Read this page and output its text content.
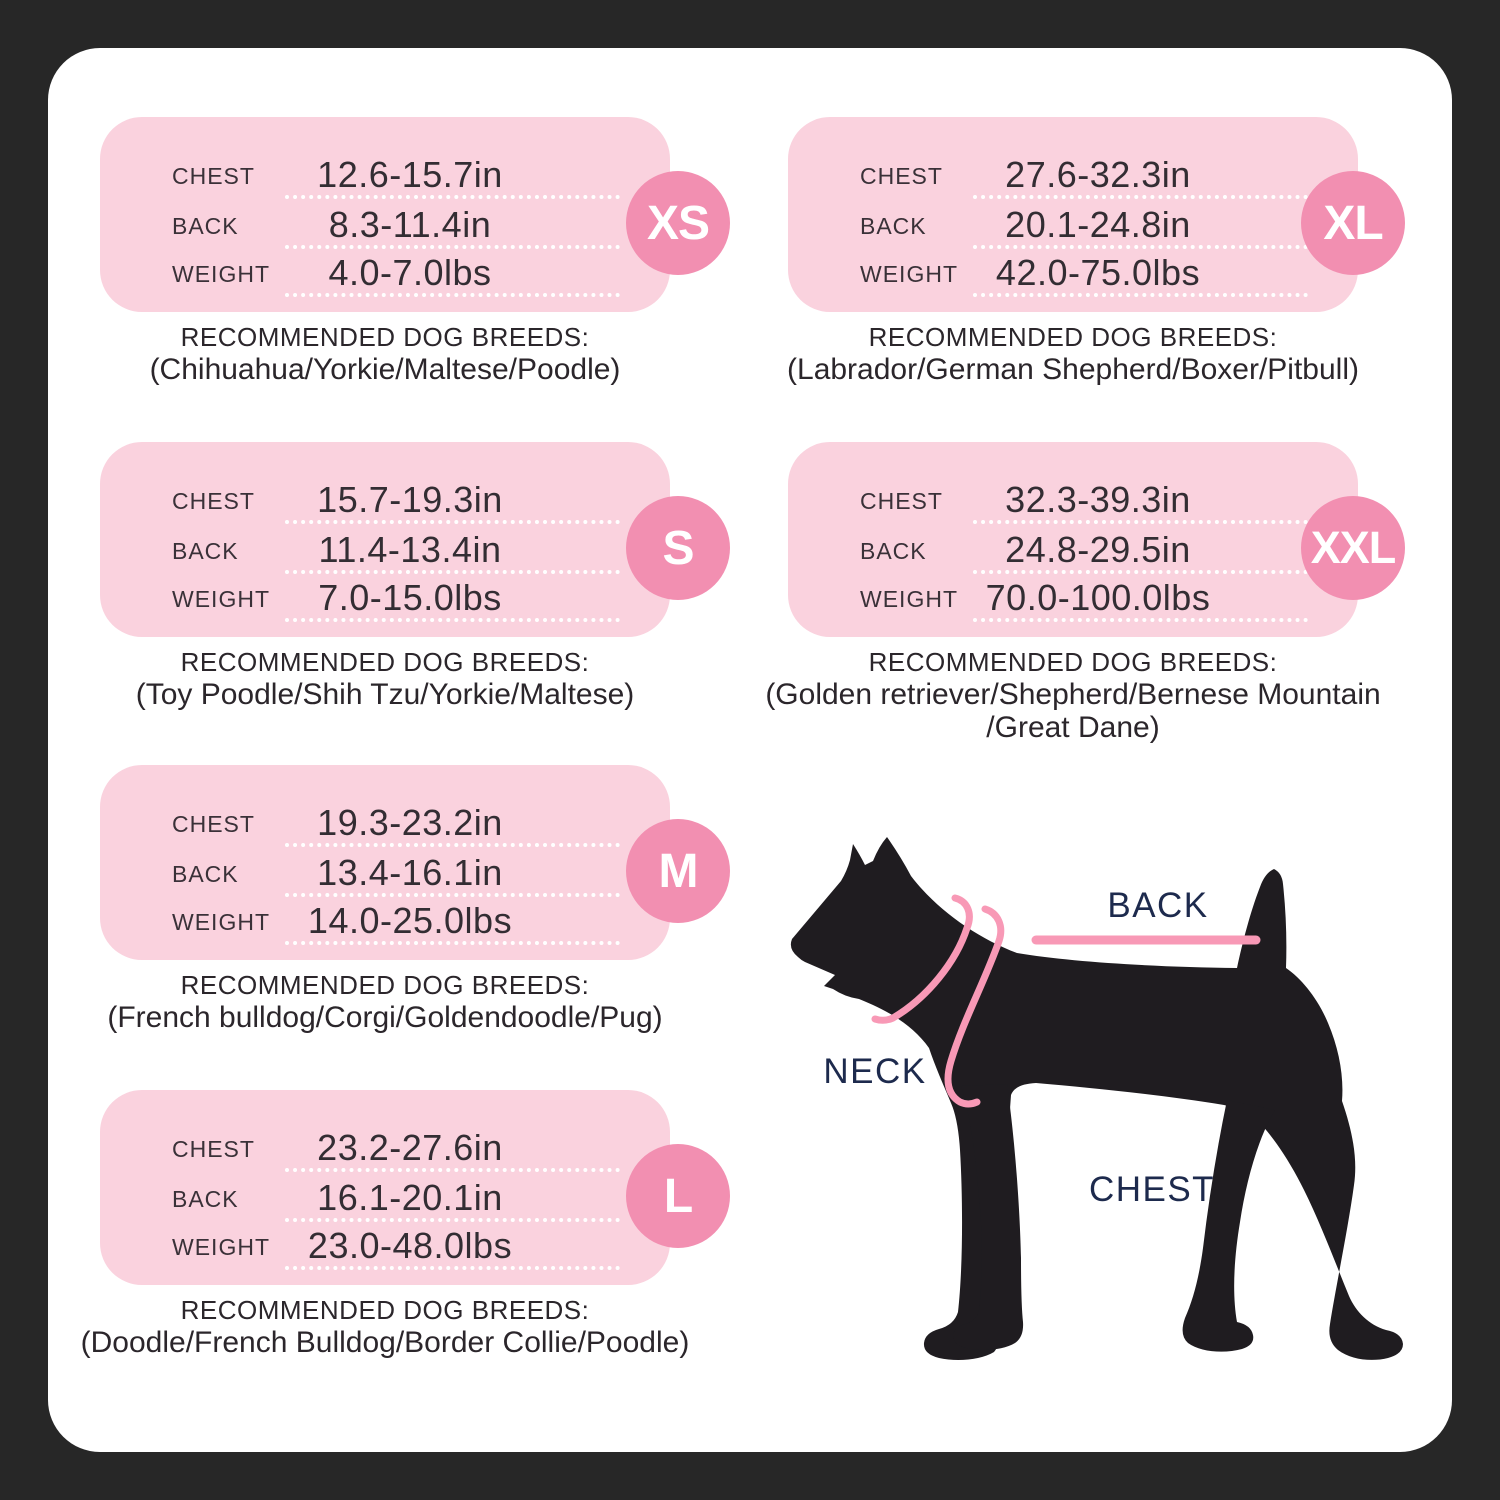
CHEST	12.6-15.7in
BACK	8.3-11.4in
WEIGHT	4.0-7.0lbs
XS
RECOMMENDED DOG BREEDS:
(Chihuahua/Yorkie/Maltese/Poodle)
CHEST	27.6-32.3in
BACK	20.1-24.8in
WEIGHT	42.0-75.0lbs
XL
RECOMMENDED DOG BREEDS:
(Labrador/German Shepherd/Boxer/Pitbull)
CHEST	15.7-19.3in
BACK	11.4-13.4in
WEIGHT	7.0-15.0lbs
S
RECOMMENDED DOG BREEDS:
(Toy Poodle/Shih Tzu/Yorkie/Maltese)
CHEST	32.3-39.3in
BACK	24.8-29.5in
WEIGHT 70.0-100.0lbs
XXL
RECOMMENDED DOG BREEDS:
(Golden retriever/Shepherd/Bernese Mountain /Great Dane)
CHEST	19.3-23.2in
BACK	13.4-16.1in
WEIGHT	14.0-25.0lbs
M
RECOMMENDED DOG BREEDS:
(French bulldog/Corgi/Goldendoodle/Pug)
CHEST	23.2-27.6in
BACK	16.1-20.1in
WEIGHT	23.0-48.0lbs
L
RECOMMENDED DOG BREEDS:
(Doodle/French Bulldog/Border Collie/Poodle)
BACK
NECK
CHEST
